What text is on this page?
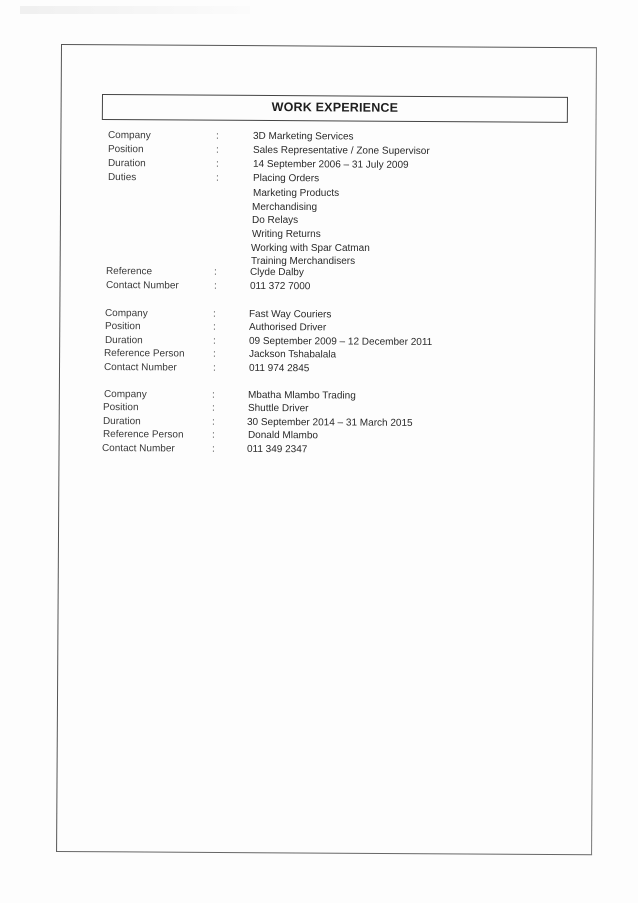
WORK EXPERIENCE
Company	:	3D Marketing Services
Position	:	Sales Representative / Zone Supervisor
Duration	:	14 September 2006 – 31 July 2009
Duties	:	Placing Orders
Marketing Products
Merchandising
Do Relays
Writing Returns
Working with Spar Catman
Training Merchandisers
Reference	:	Clyde Dalby
Contact Number	:	011 372 7000
Company	:	Fast Way Couriers
Position	:	Authorised Driver
Duration	:	09 September 2009 – 12 December 2011
Reference Person	:	Jackson Tshabalala
Contact Number	:	011 974 2845
Company	:	Mbatha Mlambo Trading
Position	:	Shuttle Driver
Duration	:	30 September 2014 – 31 March 2015
Reference Person	:	Donald Mlambo
Contact Number	:	011 349 2347
